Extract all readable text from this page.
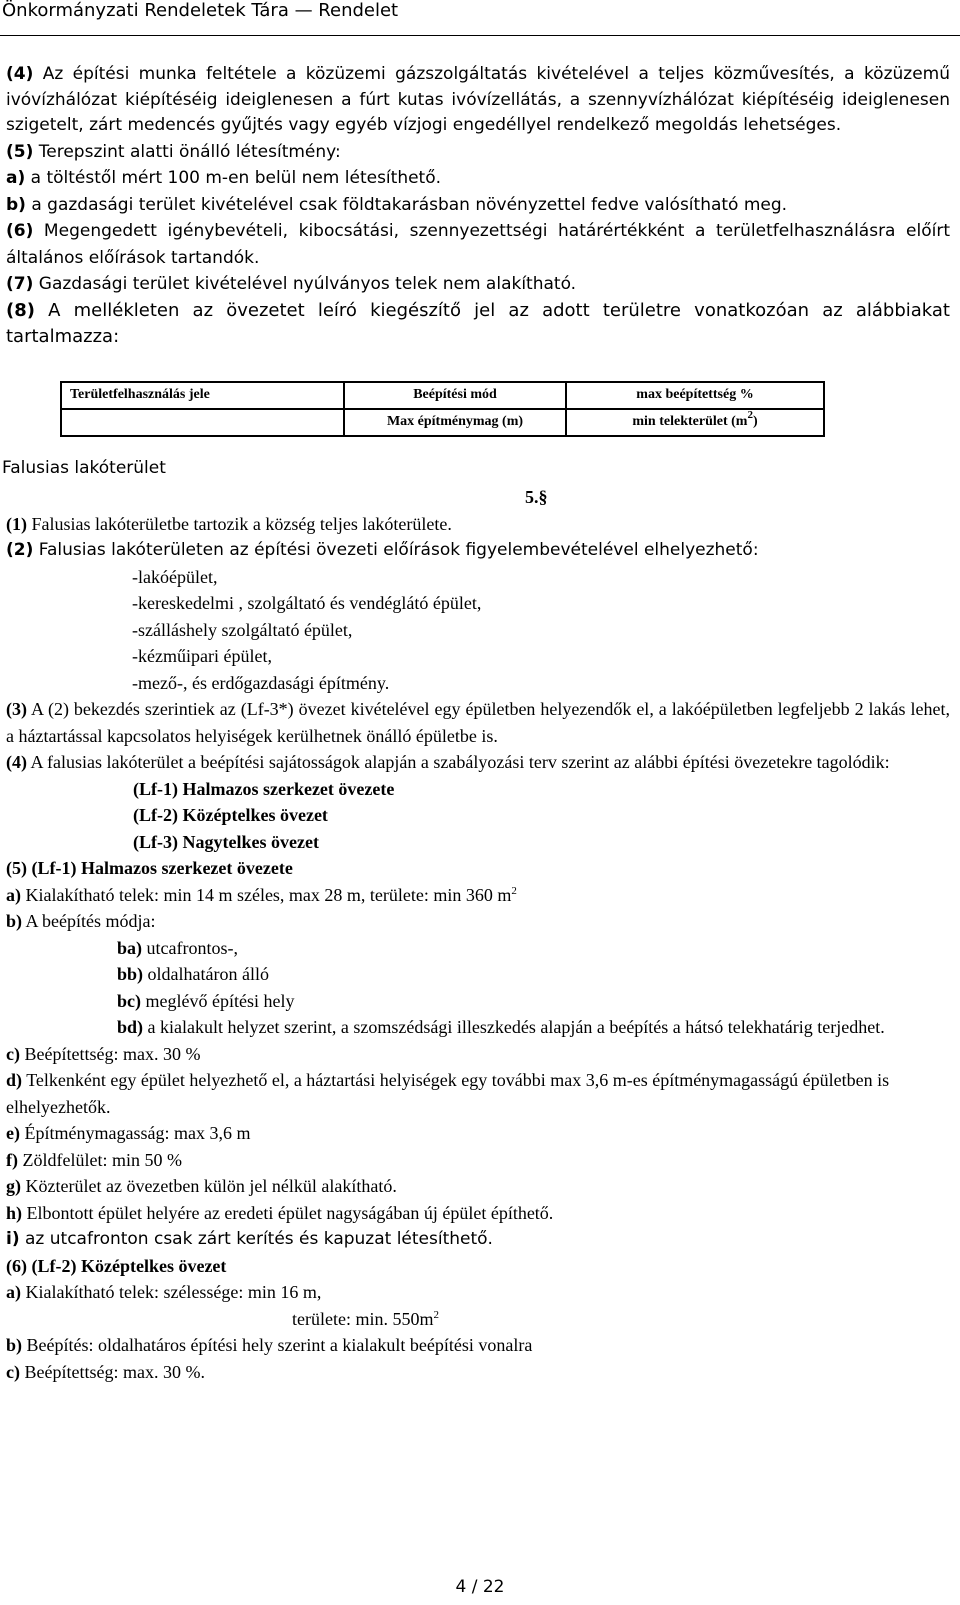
Önkormányzati Rendeletek Tára — Rendelet

(4) Az építési munka feltétele a közüzemi gázszolgáltatás kivételével a teljes közművesítés, a közüzemű ivóvízhálózat kiépítéséig ideiglenesen a fúrt kutas ivóvízellátás, a szennyvízhálózat kiépítéséig ideiglenesen szigetelt, zárt medencés gyűjtés vagy egyéb vízjogi engedéllyel rendelkező megoldás lehetséges.

(5) Terepszint alatti önálló létesítmény:

a) a töltéstől mért 100 m-en belül nem létesíthető.

b) a gazdasági terület kivételével csak földtakarásban növényzettel fedve valósítható meg.

(6) Megengedett igénybevételi, kibocsátási, szennyezettségi határértékként a területfelhasználásra előírt általános előírások tartandók.

(7) Gazdasági terület kivételével nyúlványos telek nem alakítható.

(8) A mellékleten az övezetet leíró kiegészítő jel az adott területre vonatkozóan az alábbiakat tartalmazza:

Területfelhasználás jele	Beépítési mód	max beépítettség %
	Max építménymag (m)	min telekterület $(m^2)$

Falusias lakóterület

5.§

(1) Falusias lakóterületbe tartozik a község teljes lakóterülete.

(2) Falusias lakóterületen az építési övezeti előírások figyelembevételével elhelyezhető:

-lakóépület,

-kereskedelmi , szolgáltató és vendéglátó épület,

-szálláshely szolgáltató épület,

-kézműipari épület,

-mező-, és erdőgazdasági építmény.

(3) A (2) bekezdés szerintiek az (Lf-3*) övezet kivételével egy épületben helyezendők el, a lakóépületben legfeljebb 2 lakás lehet, a háztartással kapcsolatos helyiségek kerülhetnek önálló épületbe is.

(4) A falusias lakóterület a beépítési sajátosságok alapján a szabályozási terv szerint az alábbi építési övezetekre tagolódik:

(Lf-1) Halmazos szerkezet övezete

(Lf-2) Középtelkes övezet

(Lf-3) Nagytelkes övezet

(5) (Lf-1) Halmazos szerkezet övezete

a) Kialakítható telek: min 14 m széles, max 28 m, területe: min 360 $m^2$

b) A beépítés módja:

ba) utcafrontos-,

bb) oldalhatáron álló

bc) meglévő építési hely

bd) a kialakult helyzet szerint, a szomszédsági illeszkedés alapján a beépítés a hátsó telekhatárig terjedhet.

c) Beépítettség: max. 30 %

d) Telkenként egy épület helyezhető el, a háztartási helyiségek egy további max 3,6 m-es építménymagasságú épületben is elhelyezhetők.

e) Építménymagasság: max 3,6 m

f) Zöldfelület: min 50 %

g) Közterület az övezetben külön jel nélkül alakítható.

h) Elbontott épület helyére az eredeti épület nagyságában új épület építhető.

i) az utcafronton csak zárt kerítés és kapuzat létesíthető.

(6) (Lf-2) Középtelkes övezet

a) Kialakítható telek: szélessége: min 16 m,

területe: min. $550m^2$

b) Beépítés: oldalhatáros építési hely szerint a kialakult beépítési vonalra

c) Beépítettség: max. 30 %.

4 / 22
